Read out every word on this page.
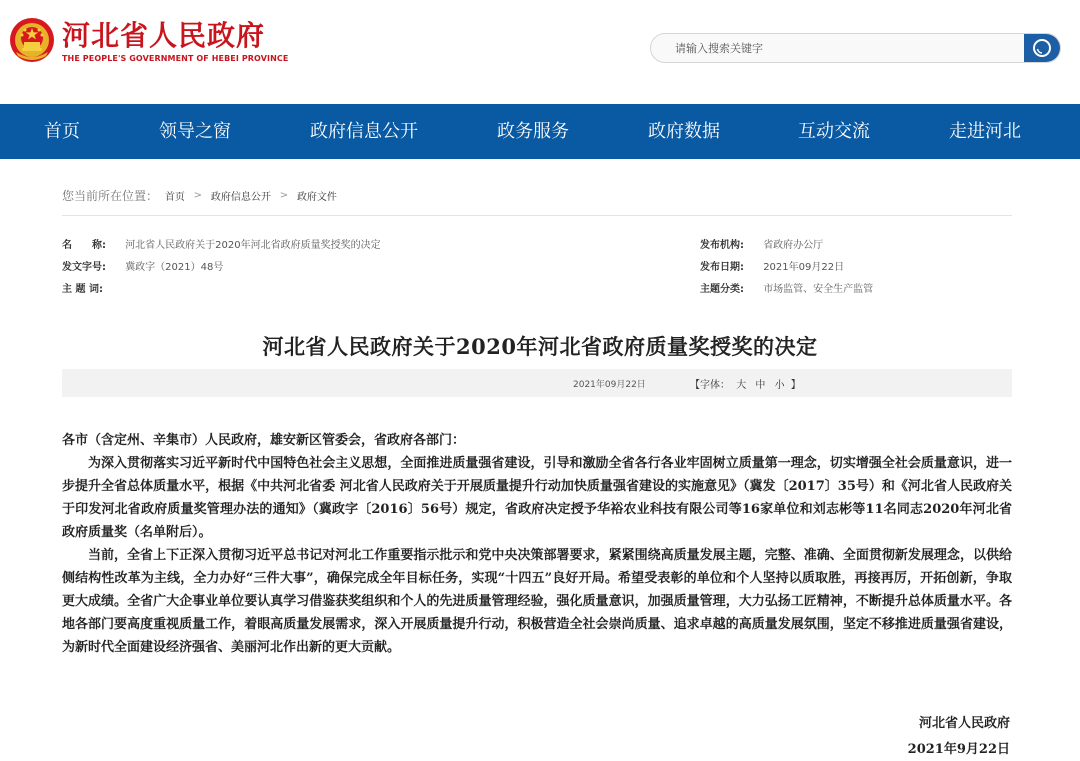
河北省人民政府
THE PEOPLE'S GOVERNMENT OF HEBEI PROVINCE
请输入搜索关键字
首页	领导之窗	政府信息公开	政务服务	政府数据	互动交流	走进河北
您当前所在位置： 首页 > 政府信息公开 > 政府文件
名　　称: 河北省人民政府关于2020年河北省政府质量奖授奖的决定
发文字号: 冀政字（2021）48号
主 题 词:
发布机构: 省政府办公厅
发布日期: 2021年09月22日
主题分类: 市场监管、安全生产监管
河北省人民政府关于2020年河北省政府质量奖授奖的决定
2021年09月22日	【字体： 大 中 小 】
各市（含定州、辛集市）人民政府，雄安新区管委会，省政府各部门：
为深入贯彻落实习近平新时代中国特色社会主义思想，全面推进质量强省建设，引导和激励全省各行各业牢固树立质量第一理念，切实增强全社会质量意识，进一步提升全省总体质量水平，根据《中共河北省委 河北省人民政府关于开展质量提升行动加快质量强省建设的实施意见》（冀发〔2017〕35号）和《河北省人民政府关于印发河北省政府质量奖管理办法的通知》（冀政字〔2016〕56号）规定，省政府决定授予华裕农业科技有限公司等16家单位和刘志彬等11名同志2020年河北省政府质量奖（名单附后）。
当前，全省上下正深入贯彻习近平总书记对河北工作重要指示批示和党中央决策部署要求，紧紧围绕高质量发展主题，完整、准确、全面贯彻新发展理念，以供给侧结构性改革为主线，全力办好“三件大事”，确保完成全年目标任务，实现“十四五”良好开局。希望受表彰的单位和个人坚持以质取胜，再接再厉，开拓创新，争取更大成绩。全省广大企事业单位要认真学习借鉴获奖组织和个人的先进质量管理经验，强化质量意识，加强质量管理，大力弘扬工匠精神，不断提升总体质量水平。各地各部门要高度重视质量工作，着眼高质量发展需求，深入开展质量提升行动，积极营造全社会崇尚质量、追求卓越的高质量发展氛围，坚定不移推进质量强省建设，为新时代全面建设经济强省、美丽河北作出新的更大贡献。
河北省人民政府
2021年9月22日
